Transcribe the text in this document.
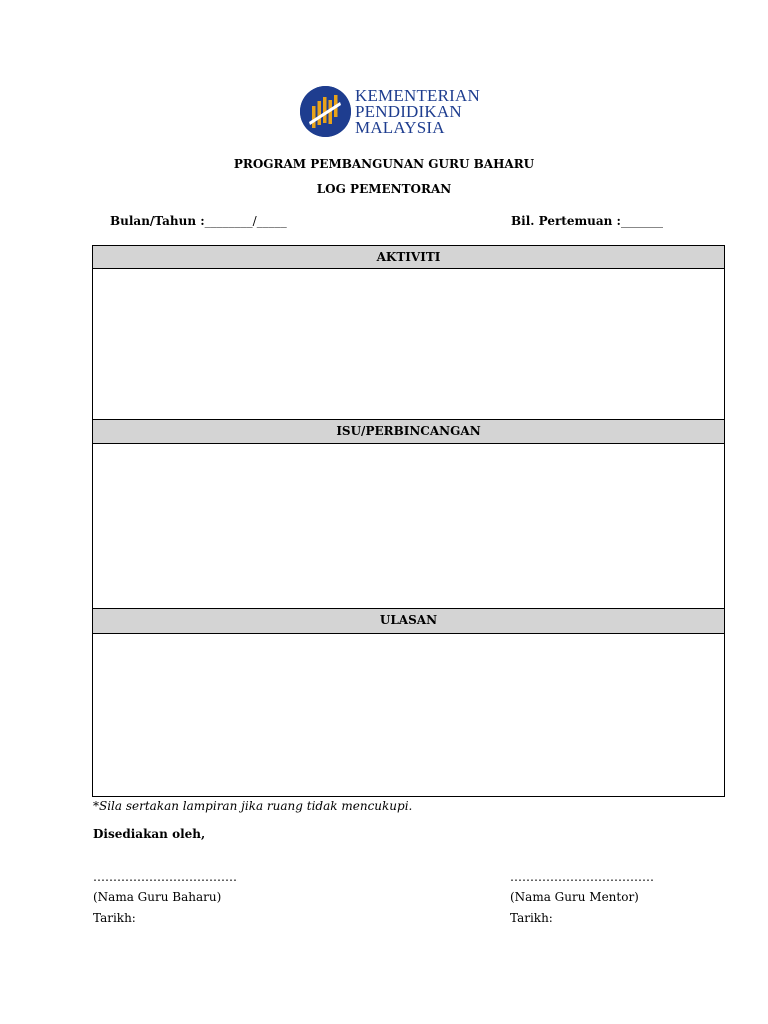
KEMENTERIAN
PENDIDIKAN
MALAYSIA
PROGRAM PEMBANGUNAN GURU BAHARU
LOG PEMENTORAN
Bulan/Tahun :________/_____	Bil. Pertemuan :_______
AKTIVITI
ISU/PERBINCANGAN
ULASAN
*Sila sertakan lampiran jika ruang tidak mencukupi.
Disediakan oleh,
………………………………
(Nama Guru Baharu)
Tarikh:
………………………………
(Nama Guru Mentor)
Tarikh:
